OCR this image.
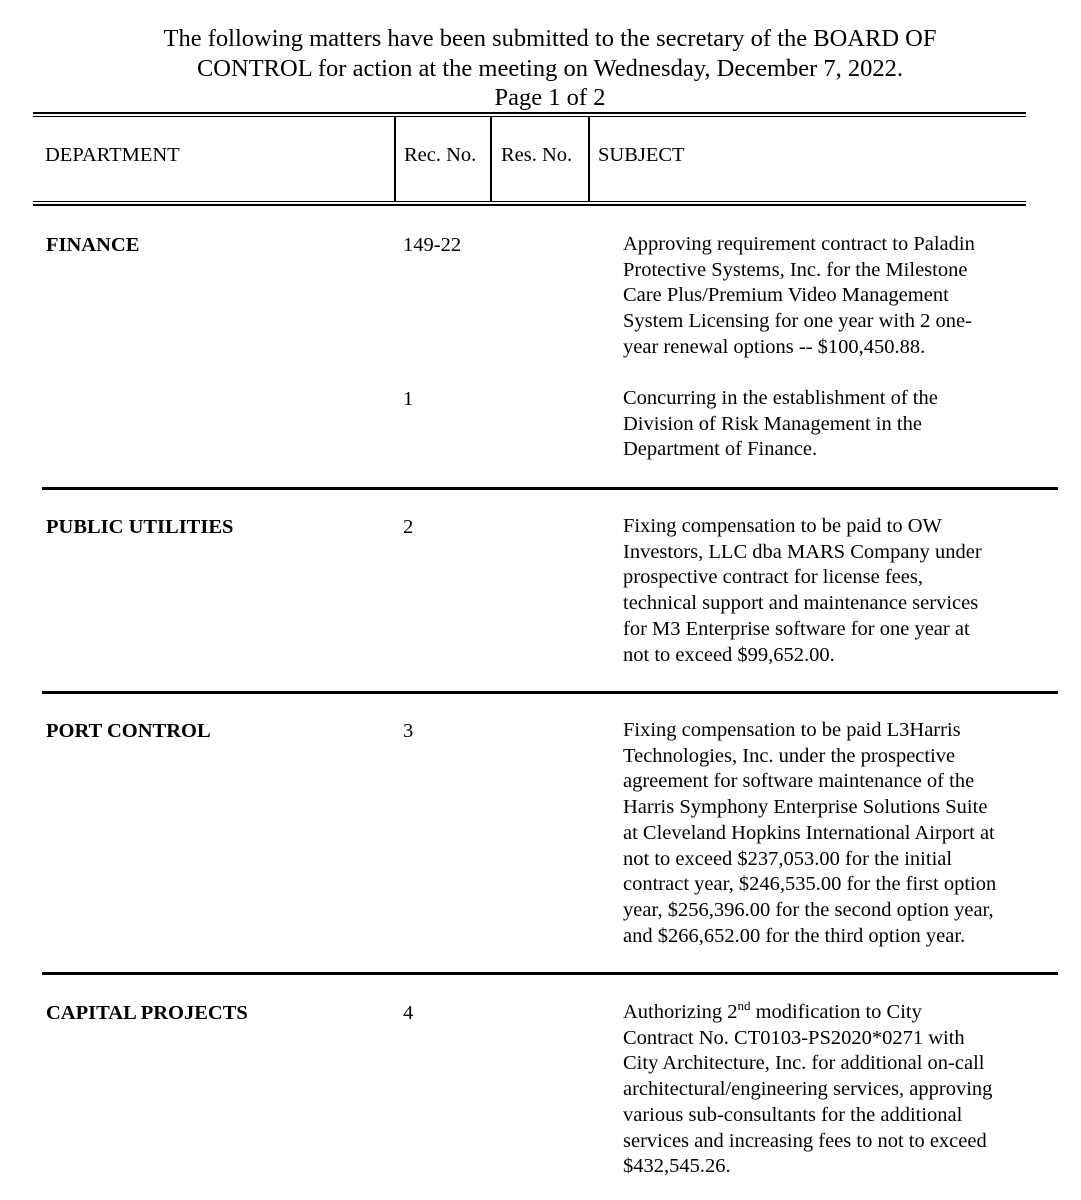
The following matters have been submitted to the secretary of the BOARD OF
CONTROL for action at the meeting on Wednesday, December 7, 2022.
Page 1 of 2
DEPARTMENT	Rec. No. Res. No. SUBJECT
FINANCE	149-22	Approving requirement contract to Paladin
Protective Systems, Inc. for the Milestone
Care Plus/Premium Video Management
System Licensing for one year with 2 one-
year renewal options -- $100,450.88.
1	Concurring in the establishment of the
Division of Risk Management in the
Department of Finance.
PUBLIC UTILITIES	2	Fixing compensation to be paid to OW
Investors, LLC dba MARS Company under
prospective contract for license fees,
technical support and maintenance services
for M3 Enterprise software for one year at
not to exceed $99,652.00.
PORT CONTROL	3	Fixing compensation to be paid L3Harris
Technologies, Inc. under the prospective
agreement for software maintenance of the
Harris Symphony Enterprise Solutions Suite
at Cleveland Hopkins International Airport at
not to exceed $237,053.00 for the initial
contract year, $246,535.00 for the first option
year, $256,396.00 for the second option year,
and $266,652.00 for the third option year.
CAPITAL PROJECTS	4	Authorizing 2nd modification to City
Contract No. CT0103-PS2020*0271 with
City Architecture, Inc. for additional on-call
architectural/engineering services, approving
various sub-consultants for the additional
services and increasing fees to not to exceed
$432,545.26.
